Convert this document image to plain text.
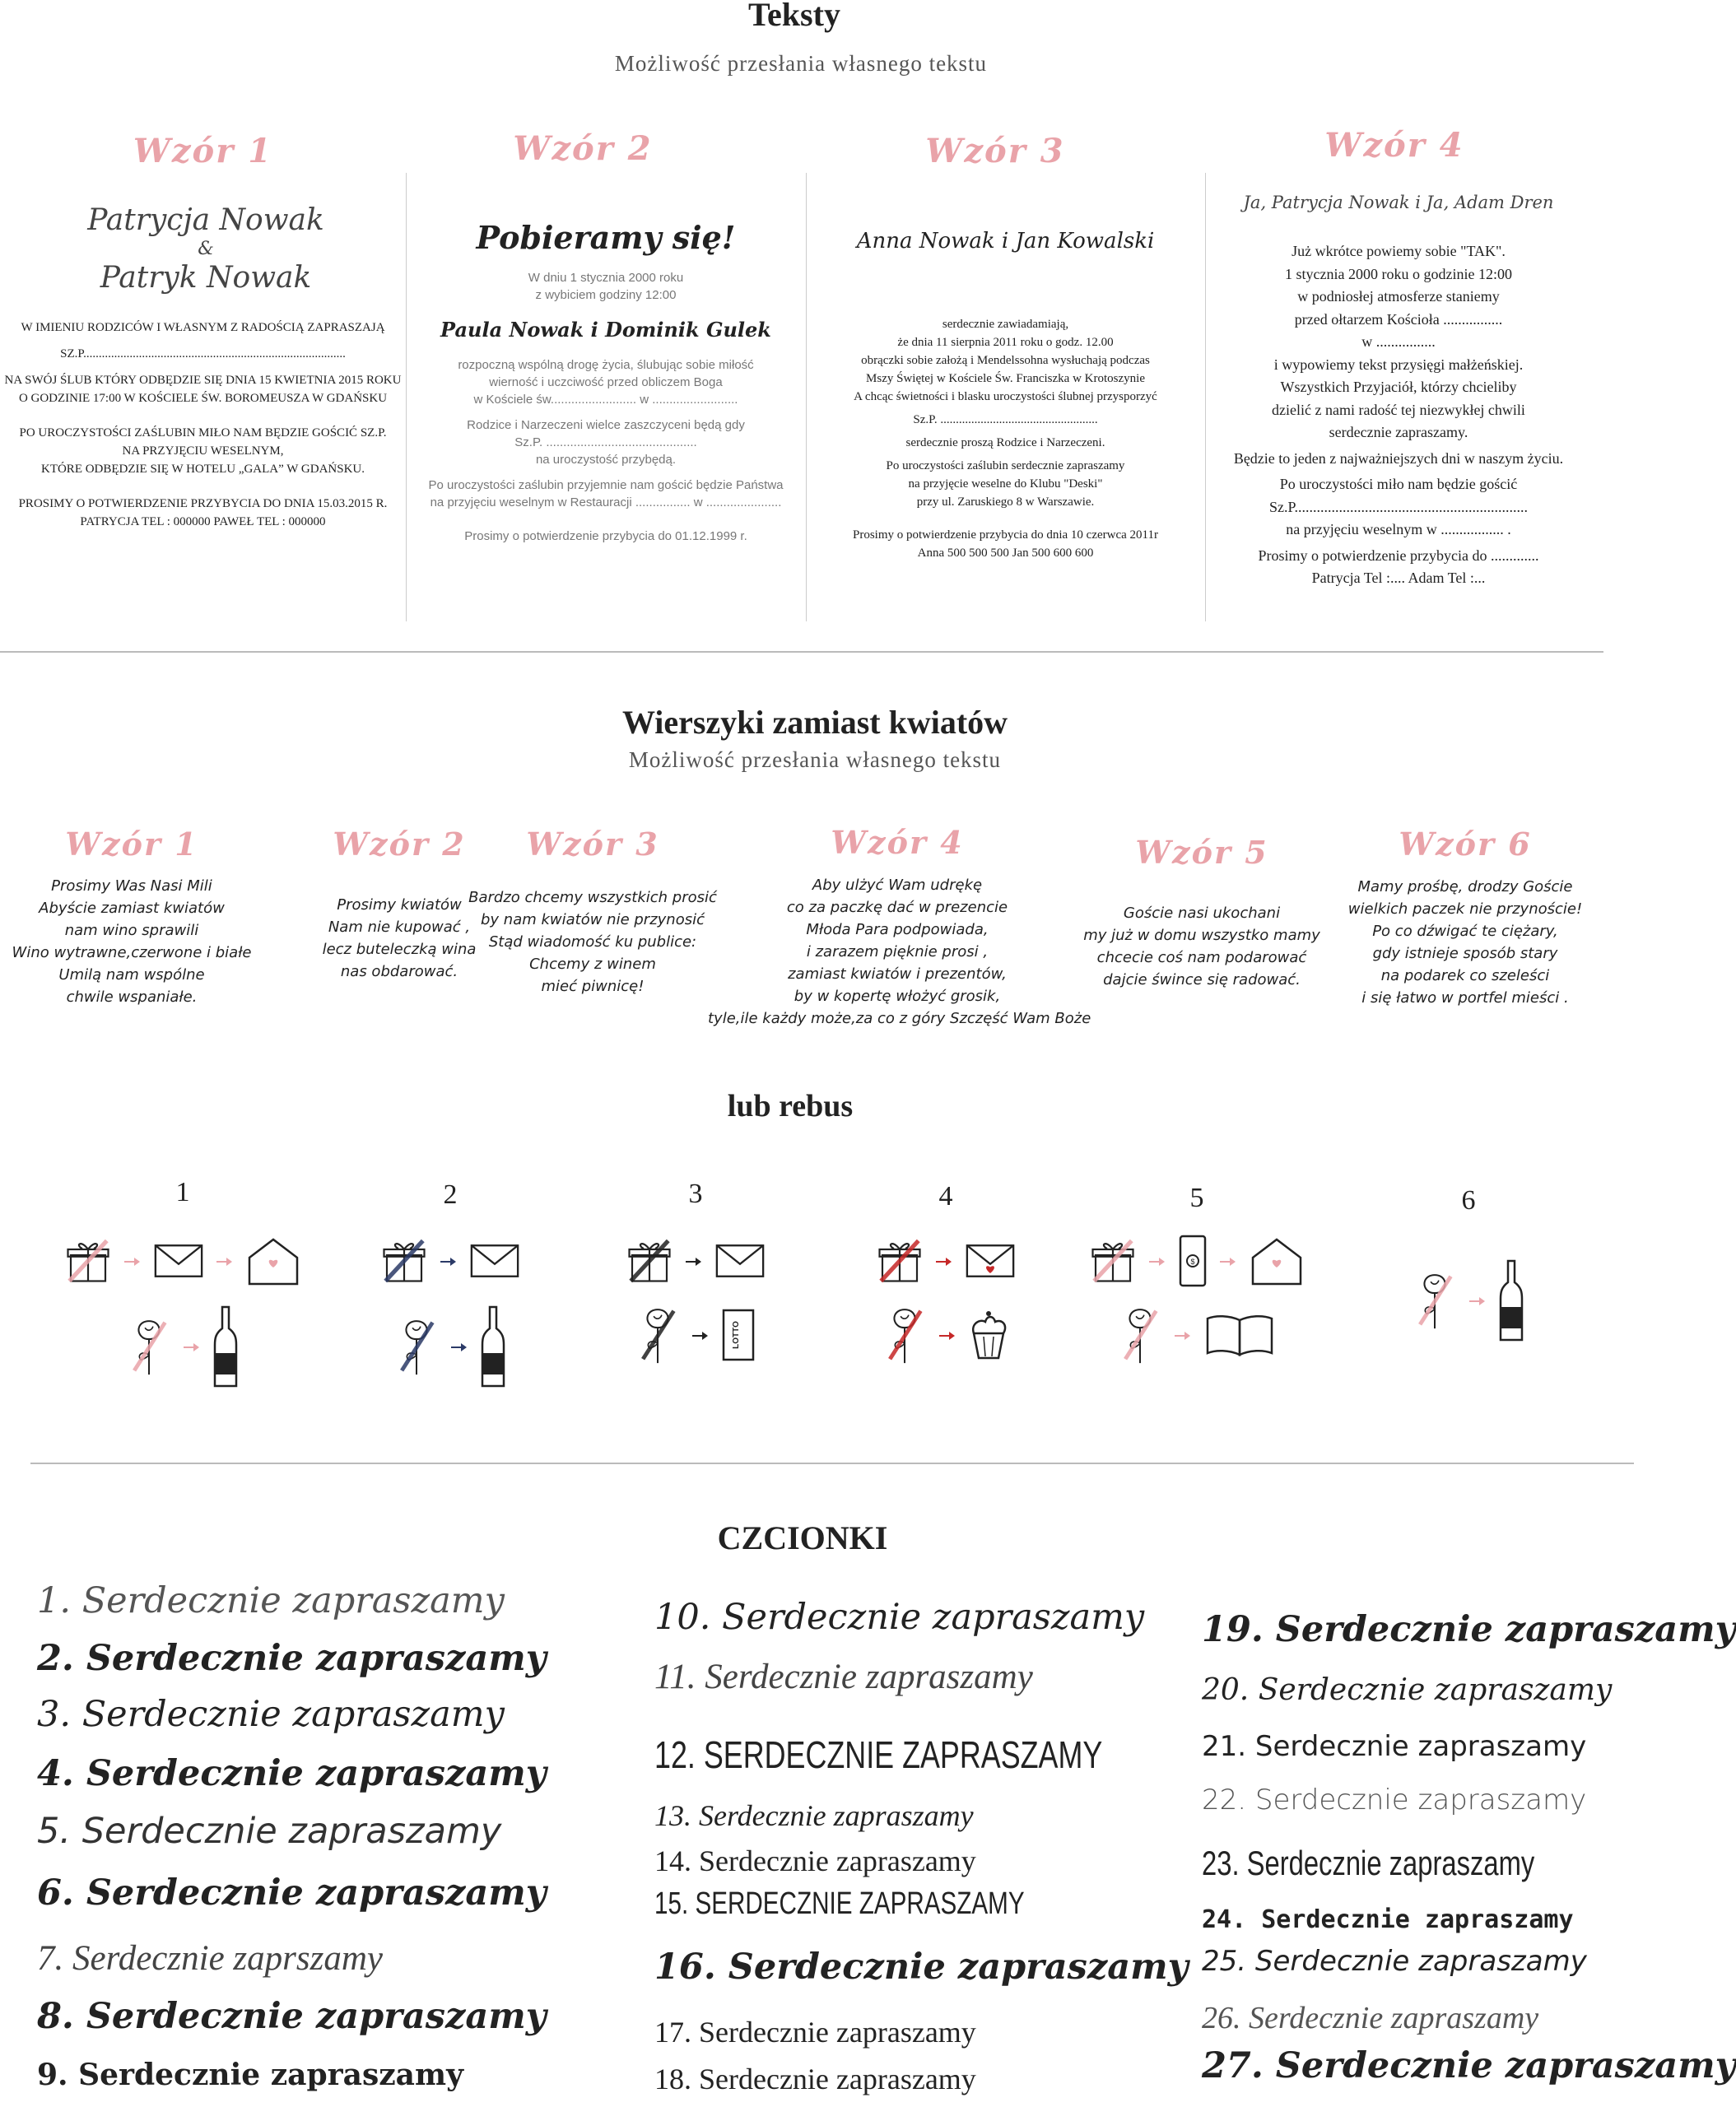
Teksty
Możliwość przesłania własnego tekstu
Wzór 1
Patrycja Nowak
&
Patryk Nowak
W IMIENIU RODZICÓW I WŁASNYM Z RADOŚCIĄ ZAPRASZAJĄ
SZ.P.....................................................................................
NA SWÓJ ŚLUB KTÓRY ODBĘDZIE SIĘ DNIA 15 KWIETNIA 2015 ROKU
O GODZINIE 17:00 W KOŚCIELE ŚW. BOROMEUSZA W GDAŃSKU
PO UROCZYSTOŚCI ZAŚLUBIN MIŁO NAM BĘDZIE GOŚCIĆ SZ.P.
NA PRZYJĘCIU WESELNYM,
KTÓRE ODBĘDZIE SIĘ W HOTELU „GALA” W GDAŃSKU.
PROSIMY O POTWIERDZENIE PRZYBYCIA DO DNIA 15.03.2015 R.
PATRYCJA TEL : 000000 PAWEŁ TEL : 000000
Wzór 2
Pobieramy się!
W dniu 1 stycznia 2000 roku
z wybiciem godziny 12:00
Paula Nowak i Dominik Gulek
rozpoczną wspólną drogę życia, ślubując sobie miłość
wierność i uczciwość przed obliczem Boga
w Kościele św......................... w .........................
Rodzice i Narzeczeni wielce zaszczyceni będą gdy
Sz.P. ............................................
na uroczystość przybędą.
Po uroczystości zaślubin przyjemnie nam gościć będzie Państwa
na przyjęciu weselnym w Restauracji ................ w ......................
Prosimy o potwierdzenie przybycia do 01.12.1999 r.
Wzór 3
Anna Nowak i Jan Kowalski
serdecznie zawiadamiają,
że dnia 11 sierpnia 2011 roku o godz. 12.00
obrączki sobie założą i Mendelssohna wysłuchają podczas
Mszy Świętej w Kościele Św. Franciszka w Krotoszynie
A chcąc świetności i blasku uroczystości ślubnej przysporzyć
Sz.P. ...................................................
serdecznie proszą Rodzice i Narzeczeni.
Po uroczystości zaślubin serdecznie zapraszamy
na przyjęcie weselne do Klubu "Deski"
przy ul. Zaruskiego 8 w Warszawie.
Prosimy o potwierdzenie przybycia do dnia 10 czerwca 2011r
Anna 500 500 500 Jan 500 600 600
Wzór 4
Ja, Patrycja Nowak i Ja, Adam Dren
Już wkrótce powiemy sobie "TAK".
1 stycznia 2000 roku o godzinie 12:00
w podniosłej atmosferze staniemy
przed ołtarzem Kościoła ................
w ................
i wypowiemy tekst przysięgi małżeńskiej.
Wszystkich Przyjaciół, którzy chcieliby
dzielić z nami radość tej niezwykłej chwili
serdecznie zapraszamy.
Będzie to jeden z najważniejszych dni w naszym życiu.
Po uroczystości miło nam będzie gościć
Sz.P...............................................................
na przyjęciu weselnym w ................. .
Prosimy o potwierdzenie przybycia do .............
Patrycja Tel :.... Adam Tel :...
Wierszyki zamiast kwiatów
Możliwość przesłania własnego tekstu
Wzór 1
Prosimy Was Nasi Mili
Abyście zamiast kwiatów
nam wino sprawili
Wino wytrawne,czerwone i białe
Umilą nam wspólne
chwile wspaniałe.
Wzór 2
Prosimy kwiatów
Nam nie kupować ,
lecz buteleczką wina
nas obdarować.
Wzór 3
Bardzo chcemy wszystkich prosić
by nam kwiatów nie przynosić
Stąd wiadomość ku publice:
Chcemy z winem
mieć piwnicę!
Wzór 4
Aby ulżyć Wam udrękę
co za paczkę dać w prezencie
Młoda Para podpowiada,
i zarazem pięknie prosi ,
zamiast kwiatów i prezentów,
by w kopertę włożyć grosik,
tyle,ile każdy może,za co z góry Szczęść Wam Boże
Wzór 5
Goście nasi ukochani
my już w domu wszystko mamy
chcecie coś nam podarować
dajcie śwince się radować.
Wzór 6
Mamy prośbę, drodzy Goście
wielkich paczek nie przynoście!
Po co dźwigać te ciężary,
gdy istnieje sposób stary
na podarek co szeleści
i się łatwo w portfel mieści .
lub rebus
1	2	3
LOTTO
4	5
$
6
CZCIONKI
1. Serdecznie zapraszamy
2. Serdecznie zapraszamy
3. Serdecznie zapraszamy
4. Serdecznie zapraszamy
5. Serdecznie zapraszamy
6. Serdecznie zapraszamy
7. Serdecznie zaprszamy
8. Serdecznie zapraszamy
9. Serdecznie zapraszamy
10. Serdecznie zapraszamy
11. Serdecznie zapraszamy
12. SERDECZNIE ZAPRASZAMY
13. Serdecznie zapraszamy
14. Serdecznie zapraszamy
15. SERDECZNIE ZAPRASZAMY
16. Serdecznie zapraszamy
17. Serdecznie zapraszamy
18. Serdecznie zapraszamy
19. Serdecznie zapraszamy
20. Serdecznie zapraszamy
21. Serdecznie zapraszamy
22. Serdecznie zapraszamy
23. Serdecznie zapraszamy
24. Serdecznie zapraszamy
25. Serdecznie zapraszamy
26. Serdecznie zapraszamy
27. Serdecznie zapraszamy
